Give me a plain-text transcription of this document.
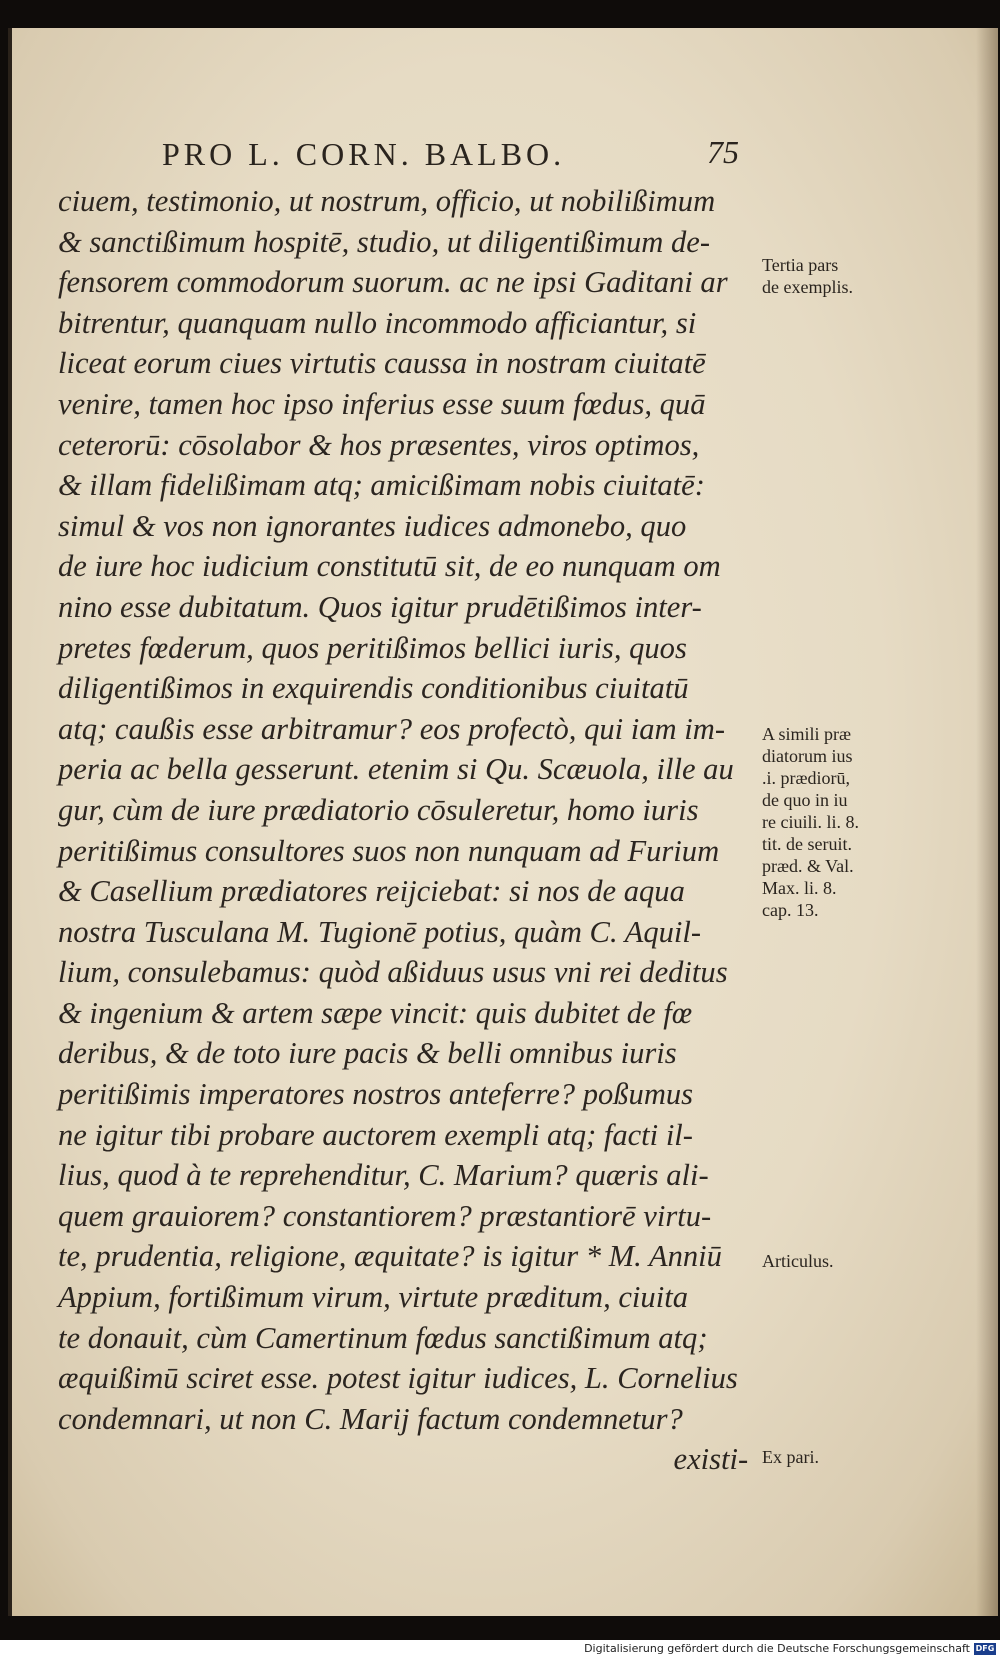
PRO L. CORN. BALBO.	75
ciuem, testimonio, ut nostrum, officio, ut nobilißimum
& sanctißimum hospitē, studio, ut diligentißimum de-
fensorem commodorum suorum. ac ne ipsi Gaditani ar
bitrentur, quanquam nullo incommodo afficiantur, si
liceat eorum ciues virtutis caussa in nostram ciuitatē
venire, tamen hoc ipso inferius esse suum fœdus, quā
ceterorū: cōsolabor & hos præsentes, viros optimos,
& illam fidelißimam atq; amicißimam nobis ciuitatē:
simul & vos non ignorantes iudices admonebo, quo
de iure hoc iudicium constitutū sit, de eo nunquam om
nino esse dubitatum. Quos igitur prudētißimos inter-
pretes fœderum, quos peritißimos bellici iuris, quos
diligentißimos in exquirendis conditionibus ciuitatū
atq; caußis esse arbitramur? eos profectò, qui iam im-
peria ac bella gesserunt. etenim si Qu. Scæuola, ille au
gur, cùm de iure prædiatorio cōsuleretur, homo iuris
peritißimus consultores suos non nunquam ad Furium
& Casellium prædiatores reijciebat: si nos de aqua
nostra Tusculana M. Tugionē potius, quàm C. Aquil-
lium, consulebamus: quòd aßiduus usus vni rei deditus
& ingenium & artem sæpe vincit: quis dubitet de fœ
deribus, & de toto iure pacis & belli omnibus iuris
peritißimis imperatores nostros anteferre? poßumus
ne igitur tibi probare auctorem exempli atq; facti il-
lius, quod à te reprehenditur, C. Marium? quæris ali-
quem grauiorem? constantiorem? præstantiorē virtu-
te, prudentia, religione, æquitate? is igitur * M. Anniū
Appium, fortißimum virum, virtute præditum, ciuita
te donauit, cùm Camertinum fœdus sanctißimum atq;
æquißimū sciret esse. potest igitur iudices, L. Cornelius
condemnari, ut non C. Marij factum condemnetur?
existi-
Tertia pars
de exemplis.
A simili præ
diatorum ius
.i. prædiorū,
de quo in iu
re ciuili. li. 8.
tit. de seruit.
præd. & Val.
Max. li. 8.
cap. 13.
Articulus.
Ex pari.
Digitalisierung gefördert durch die Deutsche Forschungsgemeinschaft DFG
